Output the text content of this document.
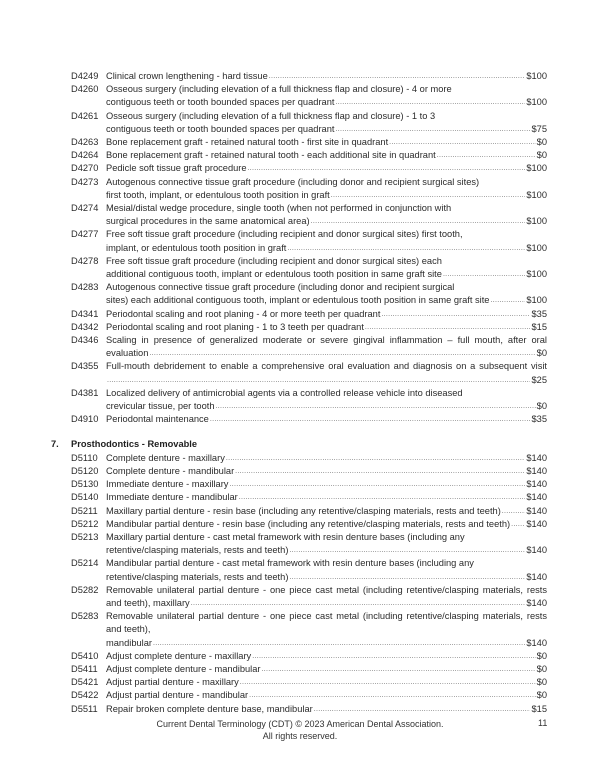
D4249 Clinical crown lengthening - hard tissue .....	$100
D4260 Osseous surgery (including elevation of a full thickness flap and closure) - 4 or more
contiguous teeth or tooth bounded spaces per quadrant .....	$100
D4261 Osseous surgery (including elevation of a full thickness flap and closure) - 1 to 3
contiguous teeth or tooth bounded spaces per quadrant .....	$75
D4263 Bone replacement graft - retained natural tooth - first site in quadrant .....	$0
D4264 Bone replacement graft - retained natural tooth - each additional site in quadrant .....	$0
D4270 Pedicle soft tissue graft procedure .....	$100
D4273 Autogenous connective tissue graft procedure (including donor and recipient surgical sites)
first tooth, implant, or edentulous tooth position in graft .....	$100
D4274 Mesial/distal wedge procedure, single tooth (when not performed in conjunction with
surgical procedures in the same anatomical area) .....	$100
D4277 Free soft tissue graft procedure (including recipient and donor surgical sites) first tooth,
implant, or edentulous tooth position in graft .....	$100
D4278 Free soft tissue graft procedure (including recipient and donor surgical sites) each
additional contiguous tooth, implant or edentulous tooth position in same graft site .....	$100
D4283 Autogenous connective tissue graft procedure (including donor and recipient surgical
sites) each additional contiguous tooth, implant or edentulous tooth position in same graft site .....	$100
D4341 Periodontal scaling and root planing - 4 or more teeth per quadrant .....	$35
D4342 Periodontal scaling and root planing - 1 to 3 teeth per quadrant .....	$15
D4346 Scaling in presence of generalized moderate or severe gingival inflammation – full mouth, after oral
evaluation .....	$0
D4355 Full-mouth debridement to enable a comprehensive oral evaluation and diagnosis on a subsequent visit
.....
$25
D4381 Localized delivery of antimicrobial agents via a controlled release vehicle into diseased
crevicular tissue, per tooth .....	$0
D4910 Periodontal maintenance .....	$35
7.	Prosthodontics - Removable
D5110 Complete denture - maxillary .....	$140
D5120 Complete denture - mandibular .....	$140
D5130 Immediate denture - maxillary .....	$140
D5140 Immediate denture - mandibular .....	$140
D5211 Maxillary partial denture - resin base (including any retentive/clasping materials, rests and teeth) .....	$140
D5212 Mandibular partial denture - resin base (including any retentive/clasping materials, rests and teeth) ..... $140
D5213 Maxillary partial denture - cast metal framework with resin denture bases (including any
retentive/clasping materials, rests and teeth) .....	$140
D5214 Mandibular partial denture - cast metal framework with resin denture bases (including any
retentive/clasping materials, rests and teeth) .....	$140
D5282 Removable unilateral partial denture - one piece cast metal (including retentive/clasping materials, rests
and teeth), maxillary .....	$140
D5283 Removable unilateral partial denture - one piece cast metal (including retentive/clasping materials, rests
and teeth),
mandibular .....	$140
D5410 Adjust complete denture - maxillary .....	$0
D5411 Adjust complete denture - mandibular .....	$0
D5421 Adjust partial denture - maxillary .....	$0
D5422 Adjust partial denture - mandibular .....	$0
D5511 Repair broken complete denture base, mandibular .....	$15
Current Dental Terminology (CDT) © 2023 American Dental Association.
All rights reserved.
11
